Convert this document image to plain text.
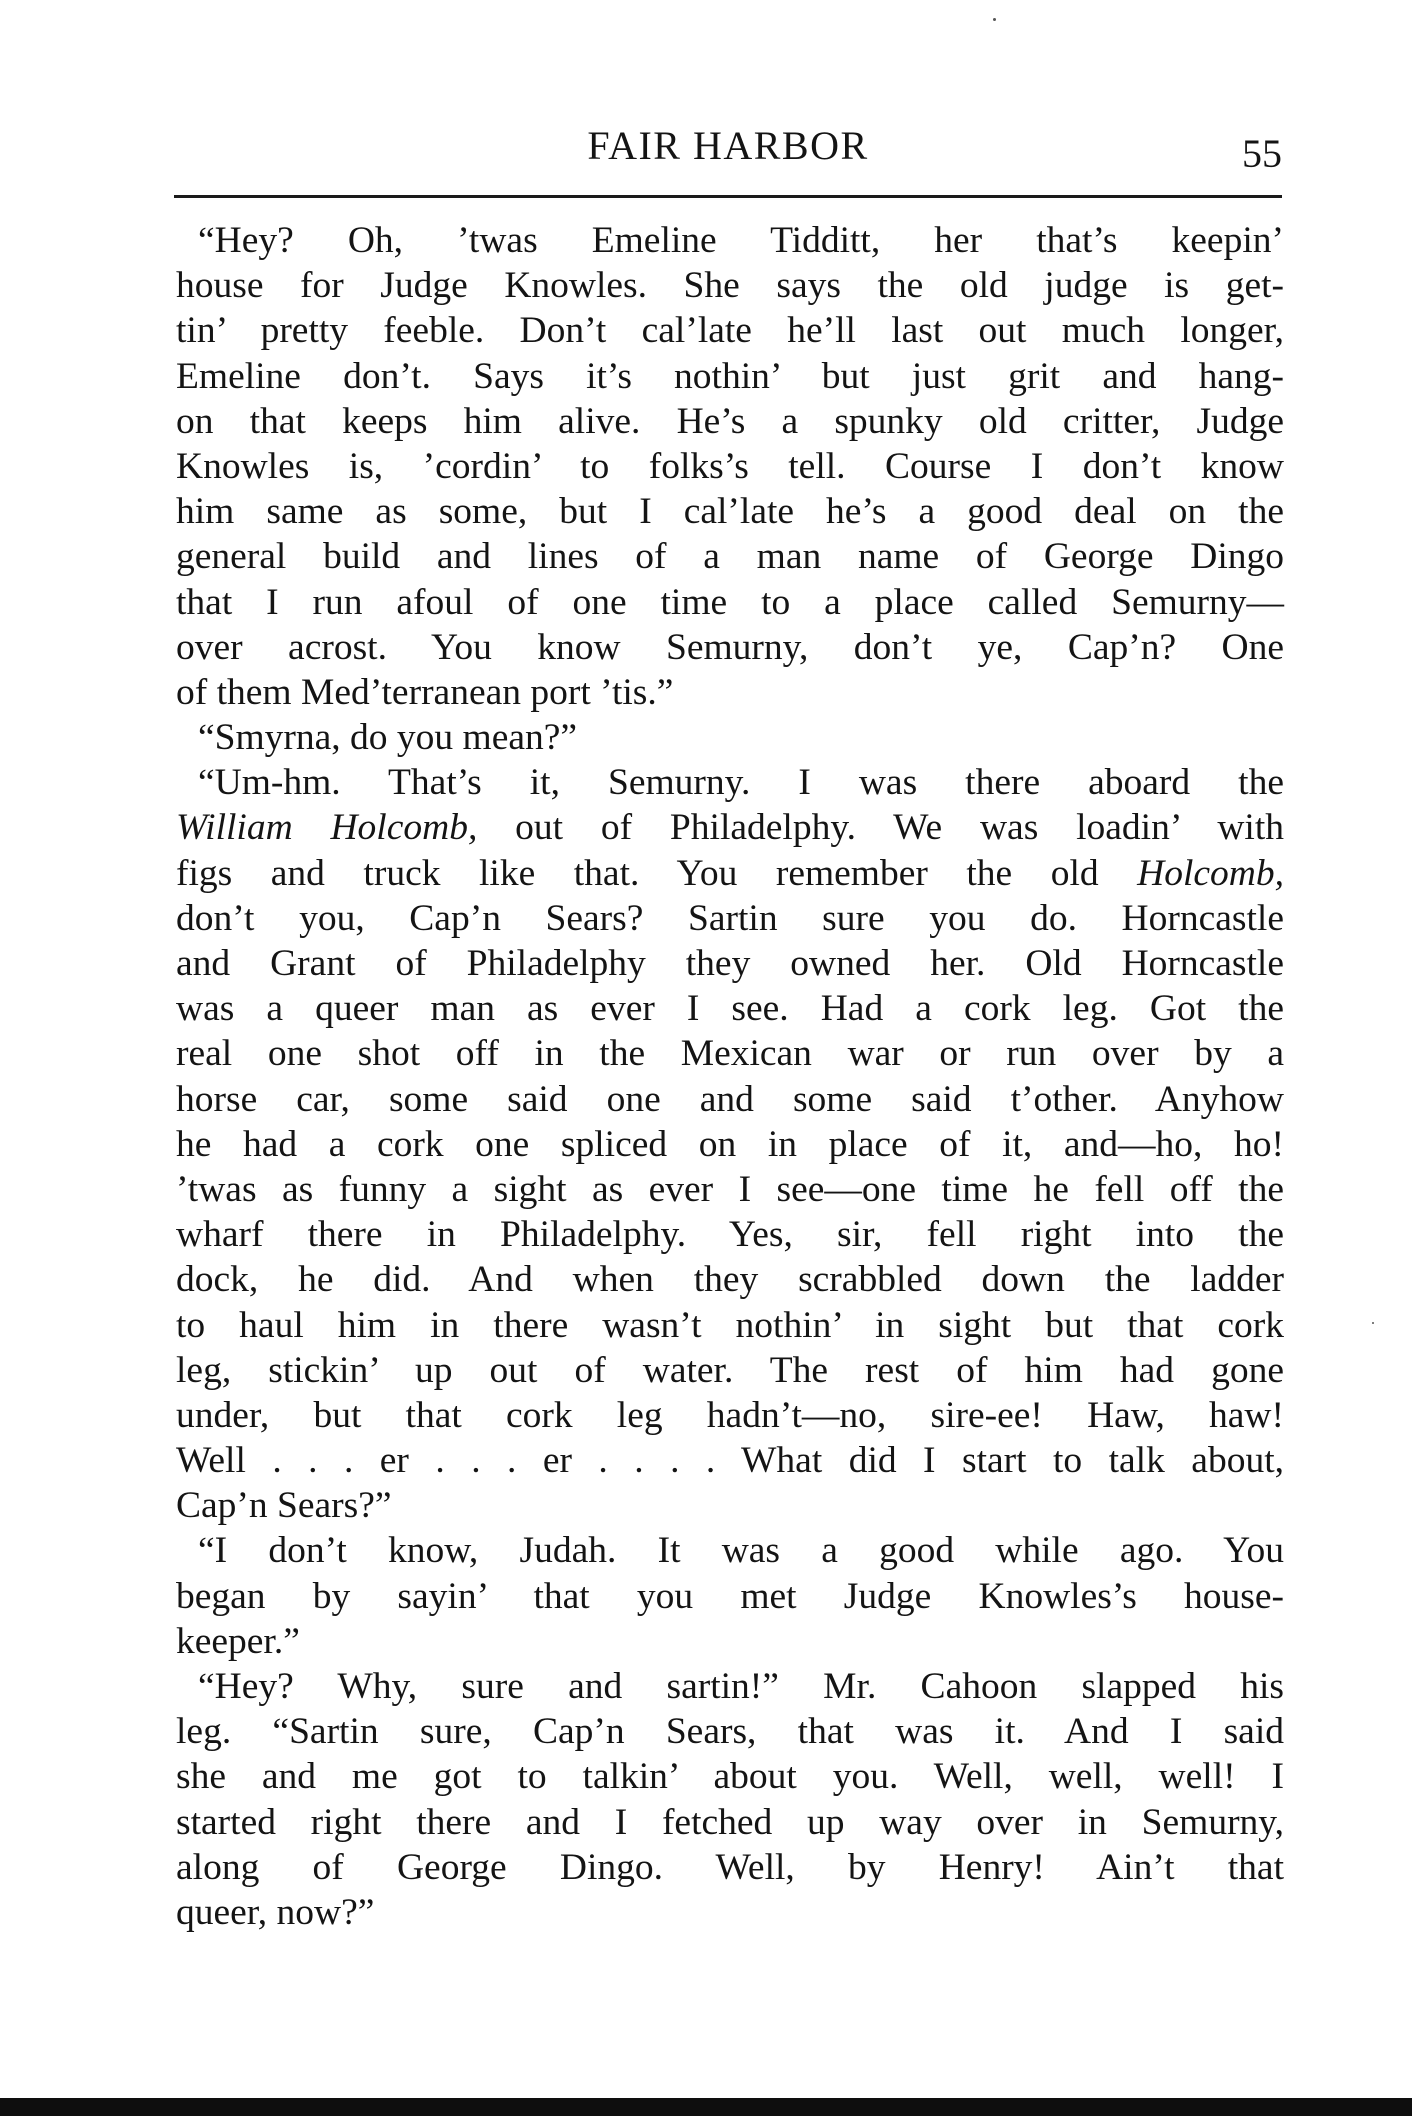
FAIR HARBOR	55
“Hey? Oh, ’twas Emeline Tidditt, her that’s keepin’
house for Judge Knowles. She says the old judge is get-
tin’ pretty feeble. Don’t cal’late he’ll last out much longer,
Emeline don’t. Says it’s nothin’ but just grit and hang-
on that keeps him alive. He’s a spunky old critter, Judge
Knowles is, ’cordin’ to folks’s tell. Course I don’t know
him same as some, but I cal’late he’s a good deal on the
general build and lines of a man name of George Dingo
that I run afoul of one time to a place called Semurny—
over acrost. You know Semurny, don’t ye, Cap’n? One
of them Med’terranean port ’tis.”
“Smyrna, do you mean?”
“Um-hm. That’s it, Semurny. I was there aboard the
William Holcomb, out of Philadelphy. We was loadin’ with
figs and truck like that. You remember the old Holcomb,
don’t you, Cap’n Sears? Sartin sure you do. Horncastle
and Grant of Philadelphy they owned her. Old Horncastle
was a queer man as ever I see. Had a cork leg. Got the
real one shot off in the Mexican war or run over by a
horse car, some said one and some said t’other. Anyhow
he had a cork one spliced on in place of it, and—ho, ho!
’twas as funny a sight as ever I see—one time he fell off the
wharf there in Philadelphy. Yes, sir, fell right into the
dock, he did. And when they scrabbled down the ladder
to haul him in there wasn’t nothin’ in sight but that cork
leg, stickin’ up out of water. The rest of him had gone
under, but that cork leg hadn’t—no, sire-ee! Haw, haw!
Well . . . er . . . er . . . . What did I start to talk about,
Cap’n Sears?”
“I don’t know, Judah. It was a good while ago. You
began by sayin’ that you met Judge Knowles’s house-
keeper.”
“Hey? Why, sure and sartin!” Mr. Cahoon slapped his
leg. “Sartin sure, Cap’n Sears, that was it. And I said
she and me got to talkin’ about you. Well, well, well! I
started right there and I fetched up way over in Semurny,
along of George Dingo. Well, by Henry! Ain’t that
queer, now?”
